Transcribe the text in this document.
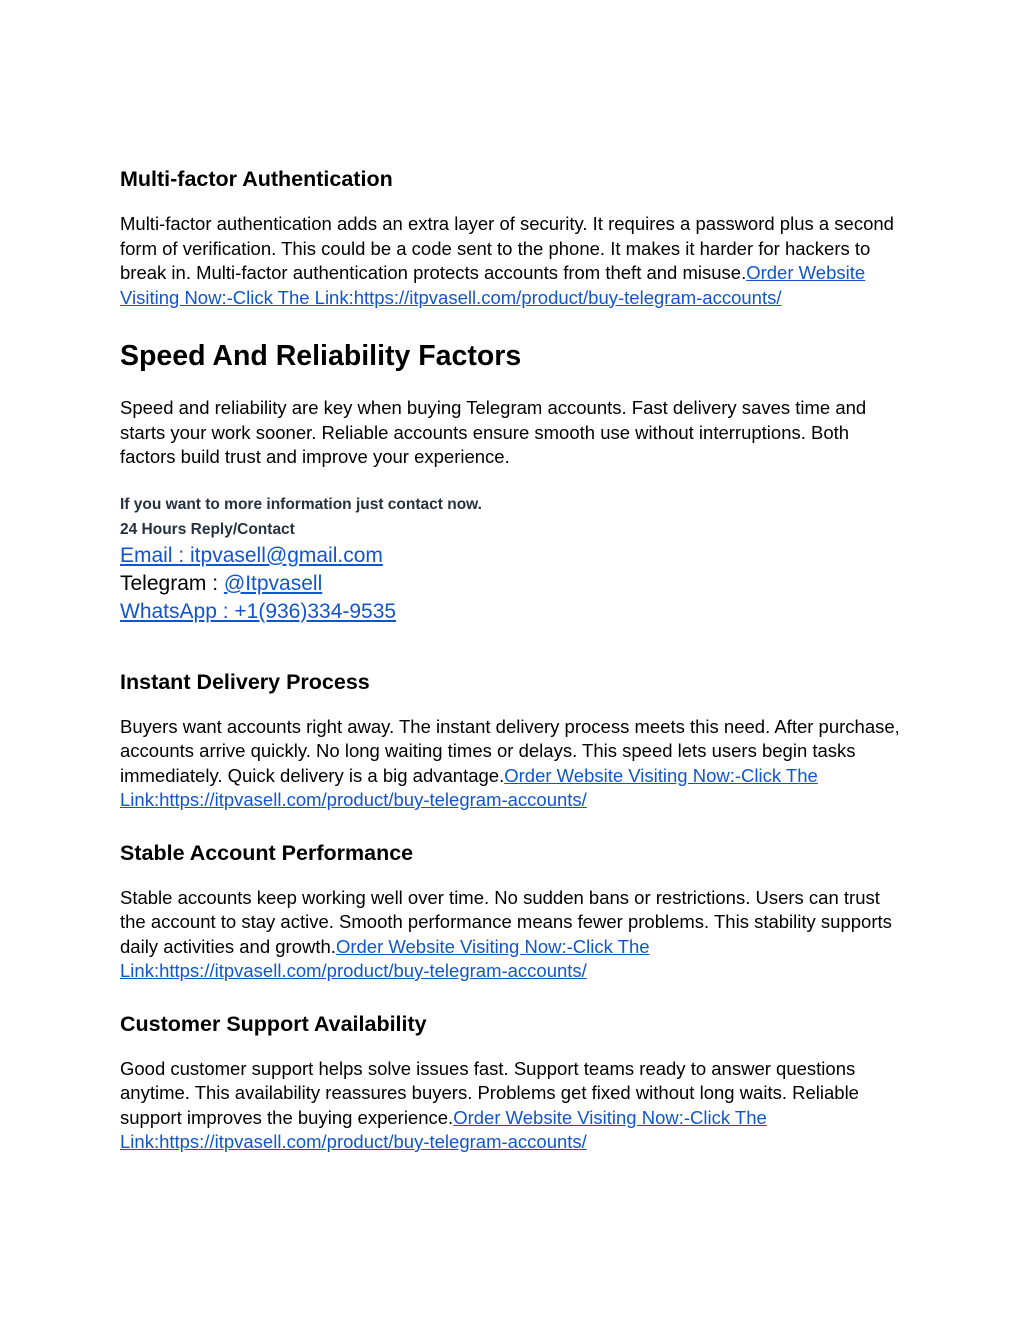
Multi-factor Authentication

Multi-factor authentication adds an extra layer of security. It requires a password plus a second form of verification. This could be a code sent to the phone. It makes it harder for hackers to break in. Multi-factor authentication protects accounts from theft and misuse.Order Website Visiting Now:-Click The Link:https://itpvasell.com/product/buy-telegram-accounts/

Speed And Reliability Factors

Speed and reliability are key when buying Telegram accounts. Fast delivery saves time and starts your work sooner. Reliable accounts ensure smooth use without interruptions. Both factors build trust and improve your experience.

If you want to more information just contact now.

24 Hours Reply/Contact

Email : itpvasell@gmail.com

Telegram : @Itpvasell

WhatsApp : +1(936)334-9535

Instant Delivery Process

Buyers want accounts right away. The instant delivery process meets this need. After purchase, accounts arrive quickly. No long waiting times or delays. This speed lets users begin tasks immediately. Quick delivery is a big advantage.Order Website Visiting Now:-Click The Link:https://itpvasell.com/product/buy-telegram-accounts/

Stable Account Performance

Stable accounts keep working well over time. No sudden bans or restrictions. Users can trust the account to stay active. Smooth performance means fewer problems. This stability supports daily activities and growth.Order Website Visiting Now:-Click The Link:https://itpvasell.com/product/buy-telegram-accounts/

Customer Support Availability

Good customer support helps solve issues fast. Support teams ready to answer questions anytime. This availability reassures buyers. Problems get fixed without long waits. Reliable support improves the buying experience.Order Website Visiting Now:-Click The Link:https://itpvasell.com/product/buy-telegram-accounts/
